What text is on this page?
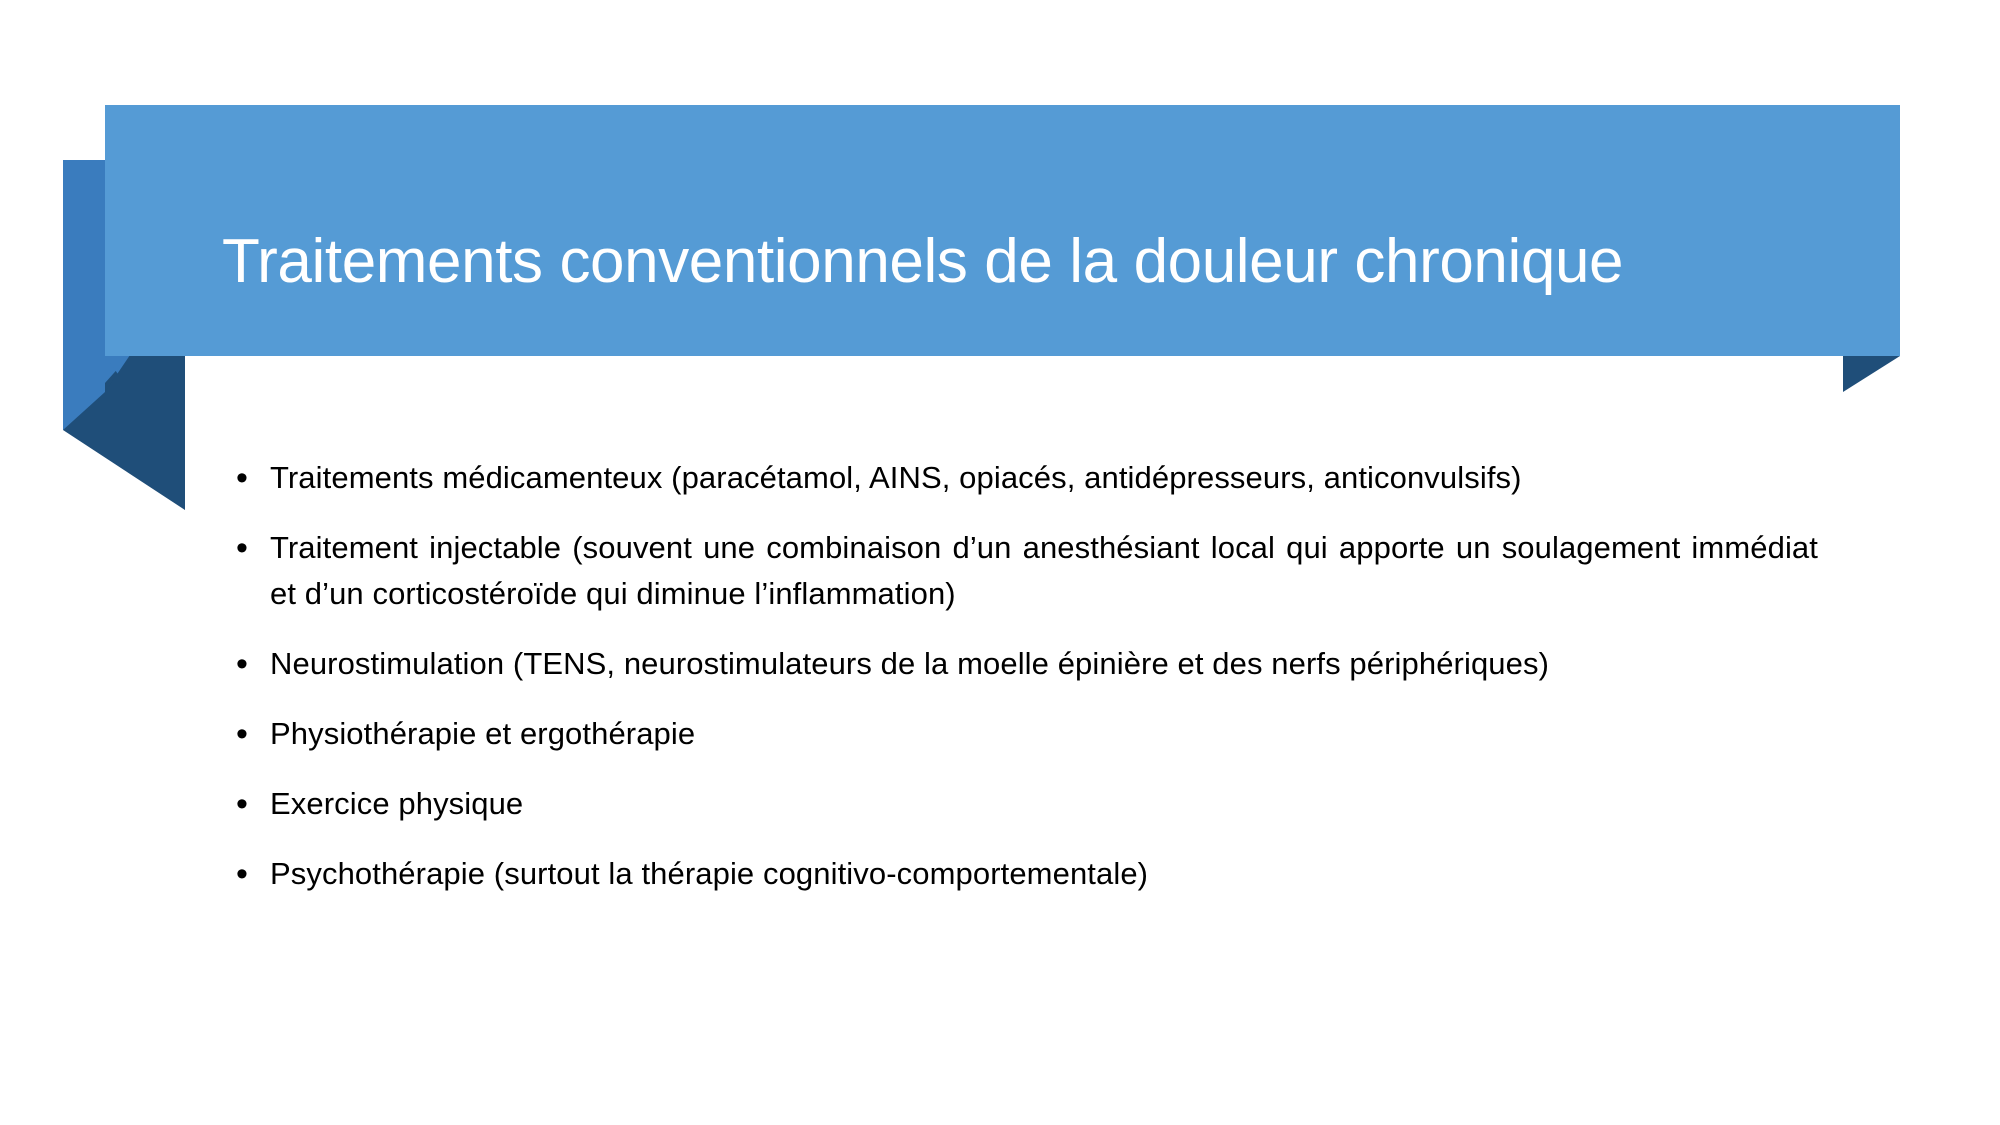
Traitements conventionnels de la douleur chronique
• Traitements médicamenteux (paracétamol, AINS, opiacés, antidépresseurs, anticonvulsifs)
• Traitement injectable (souvent une combinaison d’un anesthésiant local qui apporte un soulagement immédiat et d’un corticostéroïde qui diminue l’inflammation)
• Neurostimulation (TENS, neurostimulateurs de la moelle épinière et des nerfs périphériques)
• Physiothérapie et ergothérapie
• Exercice physique
• Psychothérapie (surtout la thérapie cognitivo-comportementale)
